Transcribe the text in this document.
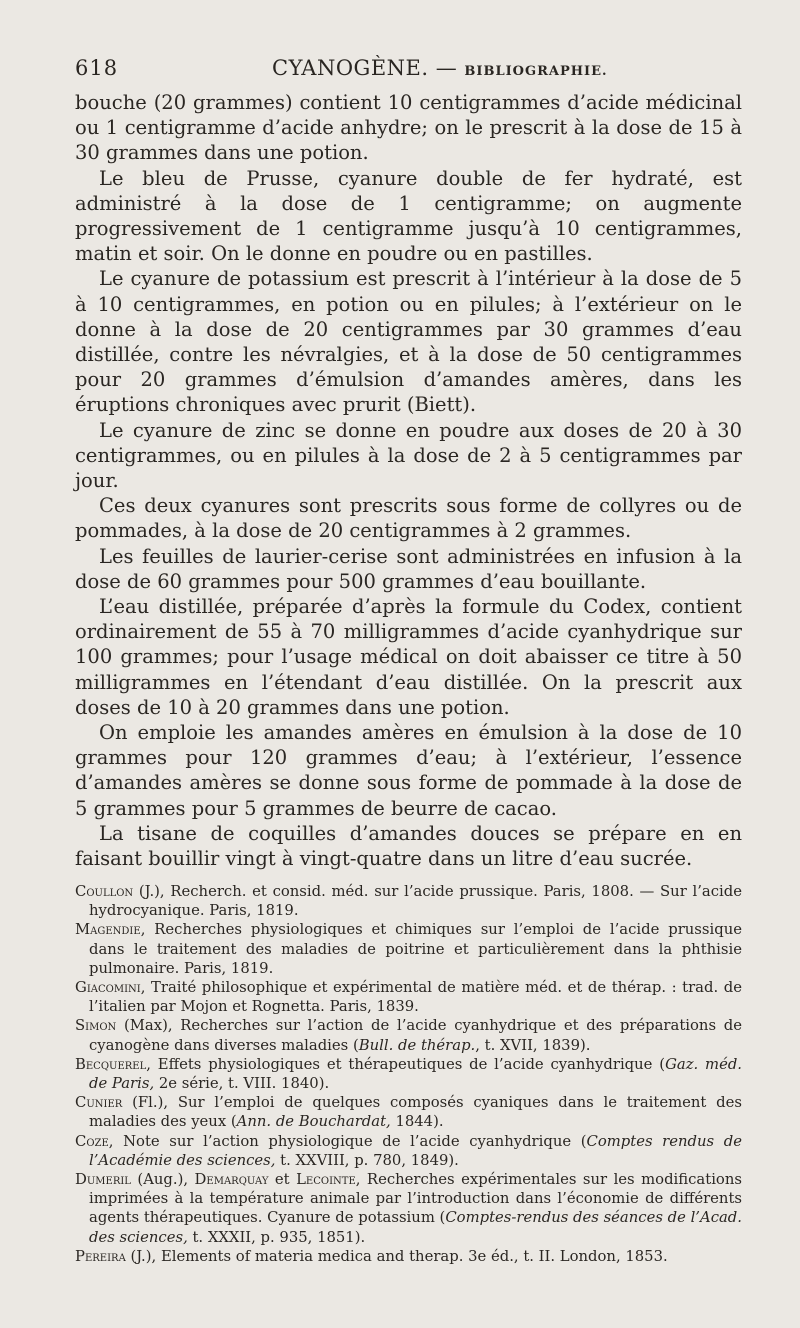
618	CYANOGÈNE. — BIBLIOGRAPHIE.

bouche (20 grammes) contient 10 centigrammes d’acide médicinal ou 1 centigramme d’acide anhydre; on le prescrit à la dose de 15 à 30 grammes dans une potion.

Le bleu de Prusse, cyanure double de fer hydraté, est administré à la dose de 1 centigramme; on augmente progressivement de 1 centigramme jusqu’à 10 centigrammes, matin et soir. On le donne en poudre ou en pastilles.

Le cyanure de potassium est prescrit à l’intérieur à la dose de 5 à 10 centigrammes, en potion ou en pilules; à l’extérieur on le donne à la dose de 20 centigrammes par 30 grammes d’eau distillée, contre les névralgies, et à la dose de 50 centigrammes pour 20 grammes d’émulsion d’amandes amères, dans les éruptions chroniques avec prurit (Biett).

Le cyanure de zinc se donne en poudre aux doses de 20 à 30 centigrammes, ou en pilules à la dose de 2 à 5 centigrammes par jour.

Ces deux cyanures sont prescrits sous forme de collyres ou de pommades, à la dose de 20 centigrammes à 2 grammes.

Les feuilles de laurier-cerise sont administrées en infusion à la dose de 60 grammes pour 500 grammes d’eau bouillante.

L’eau distillée, préparée d’après la formule du Codex, contient ordinairement de 55 à 70 milligrammes d’acide cyanhydrique sur 100 grammes; pour l’usage médical on doit abaisser ce titre à 50 milligrammes en l’étendant d’eau distillée. On la prescrit aux doses de 10 à 20 grammes dans une potion.

On emploie les amandes amères en émulsion à la dose de 10 grammes pour 120 grammes d’eau; à l’extérieur, l’essence d’amandes amères se donne sous forme de pommade à la dose de 5 grammes pour 5 grammes de beurre de cacao.

La tisane de coquilles d’amandes douces se prépare en en faisant bouillir vingt à vingt-quatre dans un litre d’eau sucrée.

Coullon (J.), Recherch. et consid. méd. sur l’acide prussique. Paris, 1808. — Sur l’acide hydrocyanique. Paris, 1819.

Magendie, Recherches physiologiques et chimiques sur l’emploi de l’acide prussique dans le traitement des maladies de poitrine et particulièrement dans la phthisie pulmonaire. Paris, 1819.

Giacomini, Traité philosophique et expérimental de matière méd. et de thérap. : trad. de l’italien par Mojon et Rognetta. Paris, 1839.

Simon (Max), Recherches sur l’action de l’acide cyanhydrique et des préparations de cyanogène dans diverses maladies (Bull. de thérap., t. XVII, 1839).

Becquerel, Effets physiologiques et thérapeutiques de l’acide cyanhydrique (Gaz. méd. de Paris, 2e série, t. VIII. 1840).

Cunier (Fl.), Sur l’emploi de quelques composés cyaniques dans le traitement des maladies des yeux (Ann. de Bouchardat, 1844).

Coze, Note sur l’action physiologique de l’acide cyanhydrique (Comptes rendus de l’Académie des sciences, t. XXVIII, p. 780, 1849).

Dumeril (Aug.), Demarquay et Lecointe, Recherches expérimentales sur les modifications imprimées à la température animale par l’introduction dans l’économie de différents agents thérapeutiques. Cyanure de potassium (Comptes-rendus des séances de l’Acad. des sciences, t. XXXII, p. 935, 1851).

Pereira (J.), Elements of materia medica and therap. 3e éd., t. II. London, 1853.
